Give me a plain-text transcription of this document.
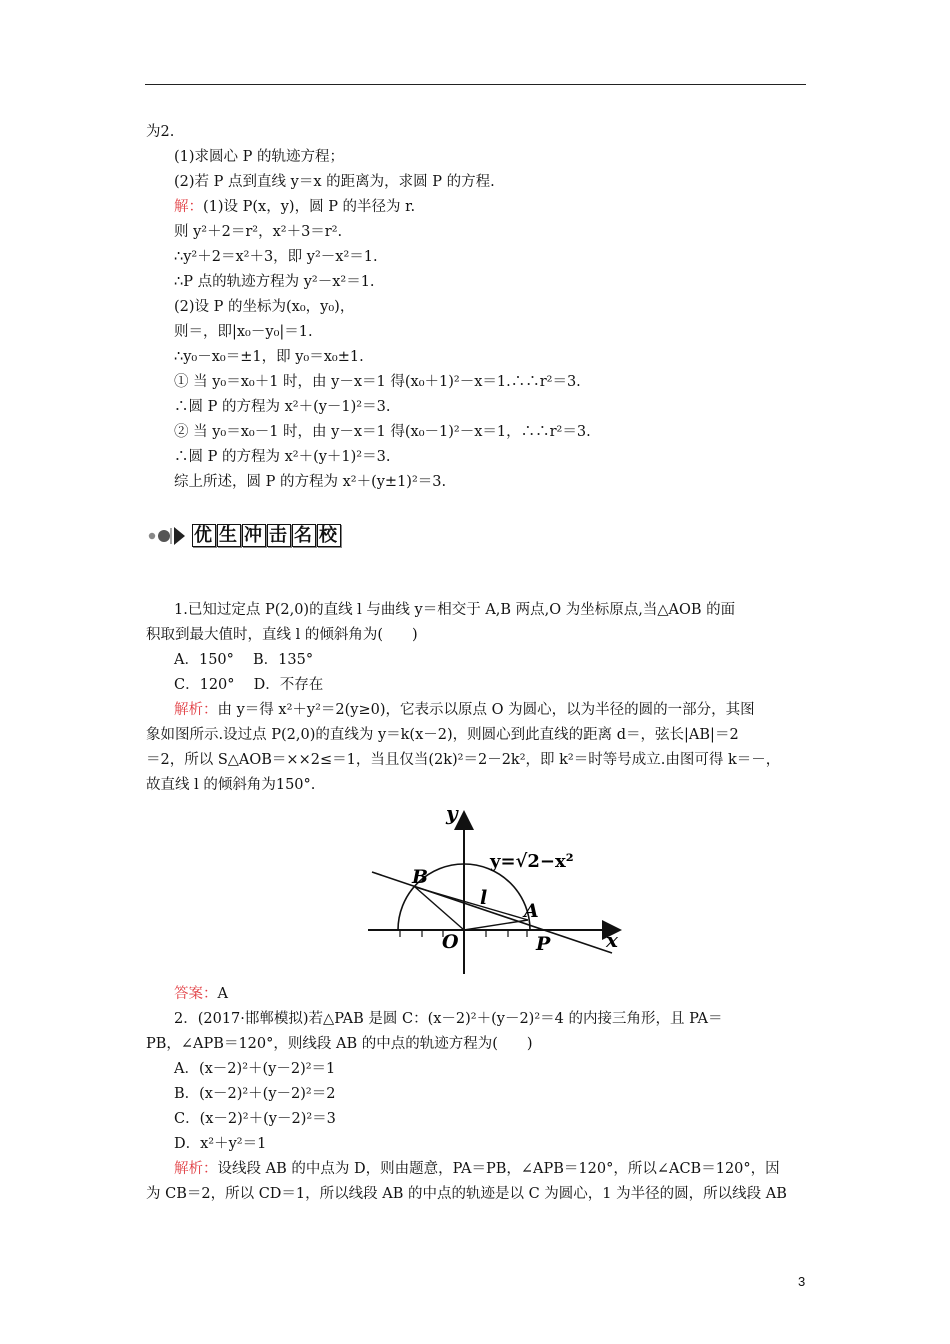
为2.
(1)求圆心 P 的轨迹方程；
(2)若 P 点到直线 y＝x 的距离为，求圆 P 的方程.
解：(1)设 P(x，y)，圆 P 的半径为 r.
则 y²＋2＝r²，x²＋3＝r².
∴y²＋2＝x²＋3，即 y²－x²＝1.
∴P 点的轨迹方程为 y²－x²＝1.
(2)设 P 的坐标为(x₀，y₀)，
则＝，即|x₀－y₀|＝1.
∴y₀－x₀＝±1，即 y₀＝x₀±1.
① 当 y₀＝x₀＋1 时，由 y－x＝1 得(x₀＋1)²－x＝1.∴∴r²＝3.
∴圆 P 的方程为 x²＋(y－1)²＝3.
② 当 y₀＝x₀－1 时，由 y－x＝1 得(x₀－1)²－x＝1，∴∴r²＝3.
∴圆 P 的方程为 x²＋(y＋1)²＝3.
综上所述，圆 P 的方程为 x²＋(y±1)²＝3.
优 生 冲 击 名 校
1.已知过定点 P(2,0)的直线 l 与曲线 y＝相交于 A,B 两点,O 为坐标原点,当△AOB 的面
积取到最大值时，直线 l 的倾斜角为(　　)
A．150°　 B．135°
C．120°　 D．不存在
解析：由 y＝得 x²＋y²＝2(y≥0)，它表示以原点 O 为圆心，以为半径的圆的一部分，其图
象如图所示.设过点 P(2,0)的直线为 y＝k(x－2)，则圆心到此直线的距离 d＝，弦长|AB|＝2
＝2，所以 S△AOB＝××2≤＝1，当且仅当(2k)²＝2－2k²，即 k²＝时等号成立.由图可得 k＝－，
故直线 l 的倾斜角为150°.
y
x
y=√2−x²
B
A
O	P
l
答案：A
2．(2017·邯郸模拟)若△PAB 是圆 C：(x－2)²＋(y－2)²＝4 的内接三角形，且 PA＝
PB，∠APB＝120°，则线段 AB 的中点的轨迹方程为(　　)
A．(x－2)²＋(y－2)²＝1
B．(x－2)²＋(y－2)²＝2
C．(x－2)²＋(y－2)²＝3
D．x²＋y²＝1
解析：设线段 AB 的中点为 D，则由题意，PA＝PB，∠APB＝120°，所以∠ACB＝120°，因
为 CB＝2，所以 CD＝1，所以线段 AB 的中点的轨迹是以 C 为圆心，1 为半径的圆，所以线段 AB
3
